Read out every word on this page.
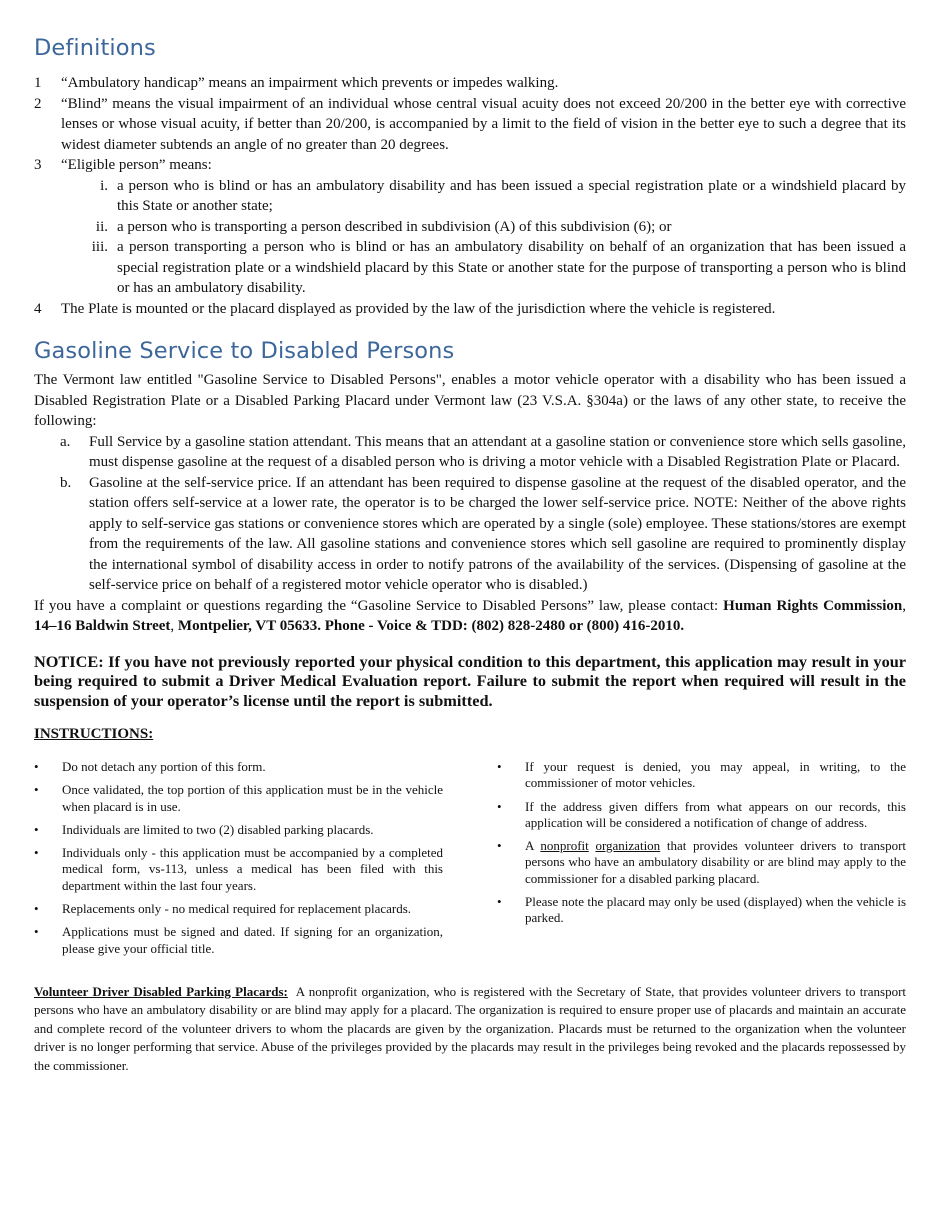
Definitions
1	“Ambulatory handicap” means an impairment which prevents or impedes walking.
2	“Blind” means the visual impairment of an individual whose central visual acuity does not exceed 20/200 in the better eye with corrective lenses or whose visual acuity, if better than 20/200, is accompanied by a limit to the field of vision in the better eye to such a degree that its widest diameter subtends an angle of no greater than 20 degrees.
3	“Eligible person” means:
i. a person who is blind or has an ambulatory disability and has been issued a special registration plate or a windshield placard by this State or another state;
ii. a person who is transporting a person described in subdivision (A) of this subdivision (6); or
iii. a person transporting a person who is blind or has an ambulatory disability on behalf of an organization that has been issued a special registration plate or a windshield placard by this State or another state for the purpose of transporting a person who is blind or has an ambulatory disability.
4	The Plate is mounted or the placard displayed as provided by the law of the jurisdiction where the vehicle is registered.
Gasoline Service to Disabled Persons

The Vermont law entitled "Gasoline Service to Disabled Persons", enables a motor vehicle operator with a disability who has been issued a Disabled Registration Plate or a Disabled Parking Placard under Vermont law (23 V.S.A. §304a) or the laws of any other state, to receive the following:

a.	Full Service by a gasoline station attendant. This means that an attendant at a gasoline station or convenience store which sells gasoline, must dispense gasoline at the request of a disabled person who is driving a motor vehicle with a Disabled Registration Plate or Placard.
b.	Gasoline at the self-service price. If an attendant has been required to dispense gasoline at the request of the disabled operator, and the station offers self-service at a lower rate, the operator is to be charged the lower self-service price. NOTE: Neither of the above rights apply to self-service gas stations or convenience stores which are operated by a single (sole) employee. These stations/stores are exempt from the requirements of the law. All gasoline stations and convenience stores which sell gasoline are required to prominently display the international symbol of disability access in order to notify patrons of the availability of the services. (Dispensing of gasoline at the self-service price on behalf of a registered motor vehicle operator who is disabled.)

If you have a complaint or questions regarding the “Gasoline Service to Disabled Persons” law, please contact: Human Rights Commission, 14–16 Baldwin Street, Montpelier, VT 05633. Phone - Voice & TDD: (802) 828-2480 or (800) 416-2010.

NOTICE: If you have not previously reported your physical condition to this department, this application may result in your being required to submit a Driver Medical Evaluation report. Failure to submit the report when required will result in the suspension of your operator’s license until the report is submitted.

INSTRUCTIONS:
•	Do not detach any portion of this form.
•	Once validated, the top portion of this application must be in the vehicle when placard is in use.
•	Individuals are limited to two (2) disabled parking placards.
•	Individuals only - this application must be accompanied by a completed medical form, vs-113, unless a medical has been filed with this department within the last four years.
•	Replacements only - no medical required for replacement placards.
•	Applications must be signed and dated. If signing for an organization, please give your official title.
•	If your request is denied, you may appeal, in writing, to the commissioner of motor vehicles.
•	If the address given differs from what appears on our records, this application will be considered a notification of change of address.
•	A nonprofit organization that provides volunteer drivers to transport persons who have an ambulatory disability or are blind may apply to the commissioner for a disabled parking placard.
•	Please note the placard may only be used (displayed) when the vehicle is parked.

Volunteer Driver Disabled Parking Placards:  A nonprofit organization, who is registered with the Secretary of State, that provides volunteer drivers to transport persons who have an ambulatory disability or are blind may apply for a placard. The organization is required to ensure proper use of placards and maintain an accurate and complete record of the volunteer drivers to whom the placards are given by the organization. Placards must be returned to the organization when the volunteer driver is no longer performing that service. Abuse of the privileges provided by the placards may result in the privileges being revoked and the placards repossessed by the commissioner.
